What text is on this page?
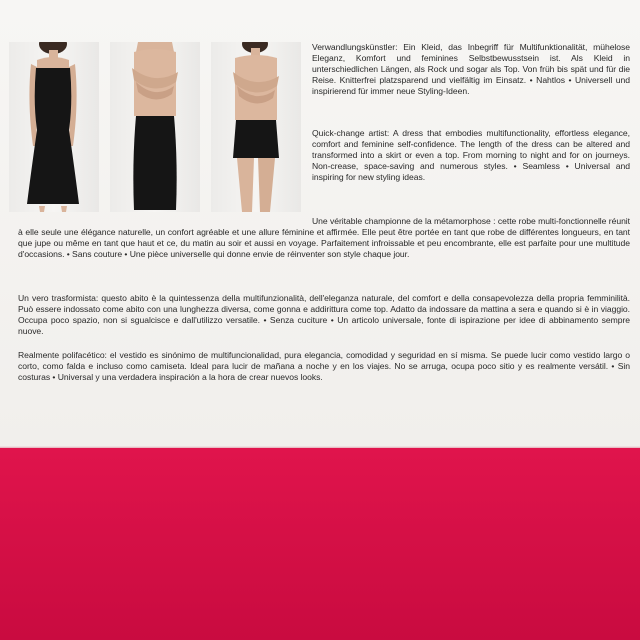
Verwandlungskünstler: Ein Kleid, das Inbegriff für Multifunktionalität, mühelose Eleganz, Komfort und feminines Selbstbewusstsein ist. Als Kleid in unterschiedlichen Längen, als Rock und sogar als Top. Von früh bis spät und für die Reise. Knitterfrei platzsparend und vielfältig im Einsatz. • Nahtlos • Universell und inspirierend für immer neue Styling-Ideen.

Quick-change artist: A dress that embodies multifunctionality, effortless elegance, comfort and feminine self-confidence. The length of the dress can be altered and transformed into a skirt or even a top. From morning to night and for on journeys. Non-crease, space-saving and numerous styles. • Seamless • Universal and inspiring for new styling ideas.

Une véritable championne de la métamorphose : cette robe multi-fonctionnelle réunit à elle seule une élégance naturelle, un confort agréable et une allure féminine et affirmée. Elle peut être portée en tant que robe de différentes longueurs, en tant que jupe ou même en tant que haut et ce, du matin au soir et aussi en voyage. Parfaitement infroissable et peu encombrante, elle est parfaite pour une multitude d'occasions. • Sans couture • Une pièce universelle qui donne envie de réinventer son style chaque jour.

Un vero trasformista: questo abito è la quintessenza della multifunzionalità, dell'eleganza naturale, del comfort e della consapevolezza della propria femminilità. Può essere indossato come abito con una lunghezza diversa, come gonna e addirittura come top. Adatto da indossare da mattina a sera e quando si è in viaggio. Occupa poco spazio, non si sgualcisce e dall'utilizzo versatile. • Senza cuciture • Un articolo universale, fonte di ispirazione per idee di abbinamento sempre nuove.

Realmente polifacético: el vestido es sinónimo de multifuncionalidad, pura elegancia, comodidad y seguridad en sí misma. Se puede lucir como vestido largo o corto, como falda e incluso como camiseta. Ideal para lucir de mañana a noche y en los viajes. No se arruga, ocupa poco sitio y es realmente versátil. • Sin costuras • Universal y una verdadera inspiración a la hora de crear nuevos looks.
